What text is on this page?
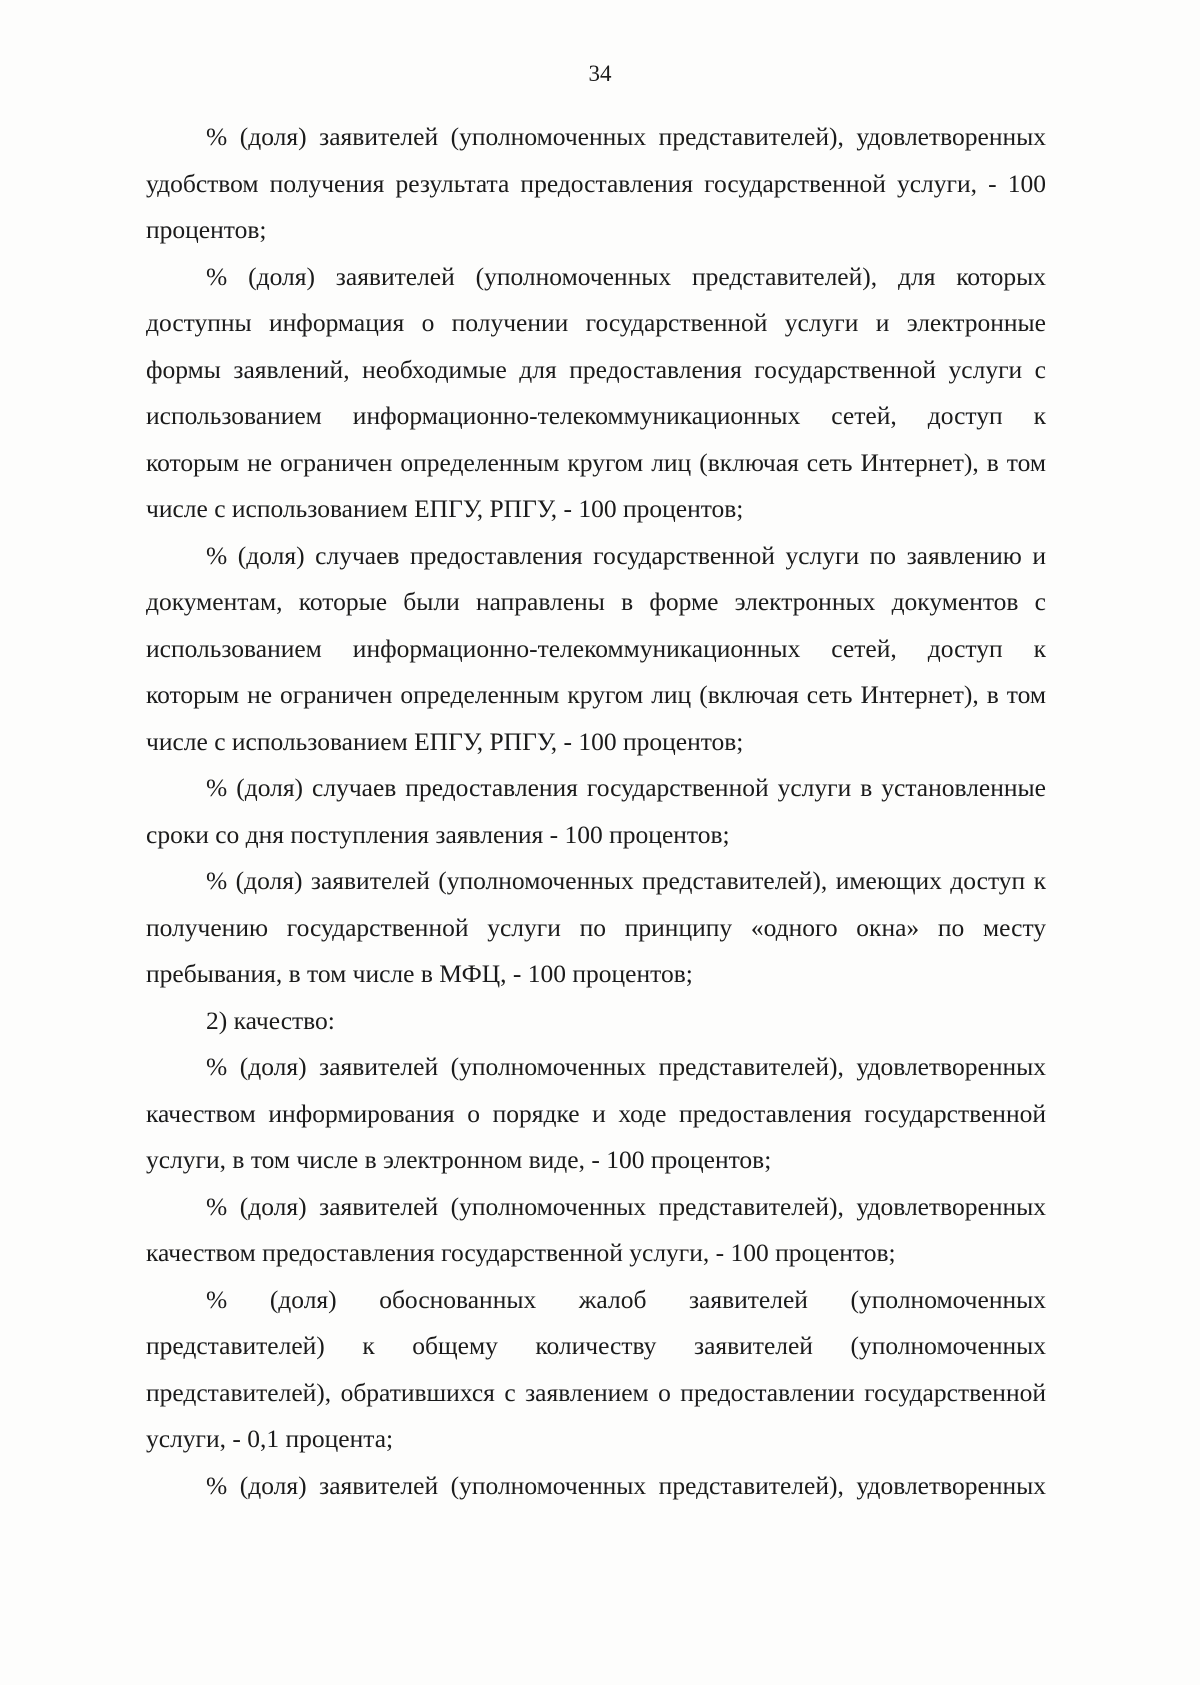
34

% (доля) заявителей (уполномоченных представителей), удовлетворенных удобством получения результата предоставления государственной услуги, - 100 процентов;

% (доля) заявителей (уполномоченных представителей), для которых доступны информация о получении государственной услуги и электронные формы заявлений, необходимые для предоставления государственной услуги с использованием информационно-телекоммуникационных сетей, доступ к которым не ограничен определенным кругом лиц (включая сеть Интернет), в том числе с использованием ЕПГУ, РПГУ, - 100 процентов;

% (доля) случаев предоставления государственной услуги по заявлению и документам, которые были направлены в форме электронных документов с использованием информационно-телекоммуникационных сетей, доступ к которым не ограничен определенным кругом лиц (включая сеть Интернет), в том числе с использованием ЕПГУ, РПГУ, - 100 процентов;

% (доля) случаев предоставления государственной услуги в установленные сроки со дня поступления заявления - 100 процентов;

% (доля) заявителей (уполномоченных представителей), имеющих доступ к получению государственной услуги по принципу «одного окна» по месту пребывания, в том числе в МФЦ, - 100 процентов;

2) качество:

% (доля) заявителей (уполномоченных представителей), удовлетворенных качеством информирования о порядке и ходе предоставления государственной услуги, в том числе в электронном виде, - 100 процентов;

% (доля) заявителей (уполномоченных представителей), удовлетворенных качеством предоставления государственной услуги, - 100 процентов;

% (доля) обоснованных жалоб заявителей (уполномоченных представителей) к общему количеству заявителей (уполномоченных представителей), обратившихся с заявлением о предоставлении государственной услуги, - 0,1 процента;

% (доля) заявителей (уполномоченных представителей), удовлетворенных
